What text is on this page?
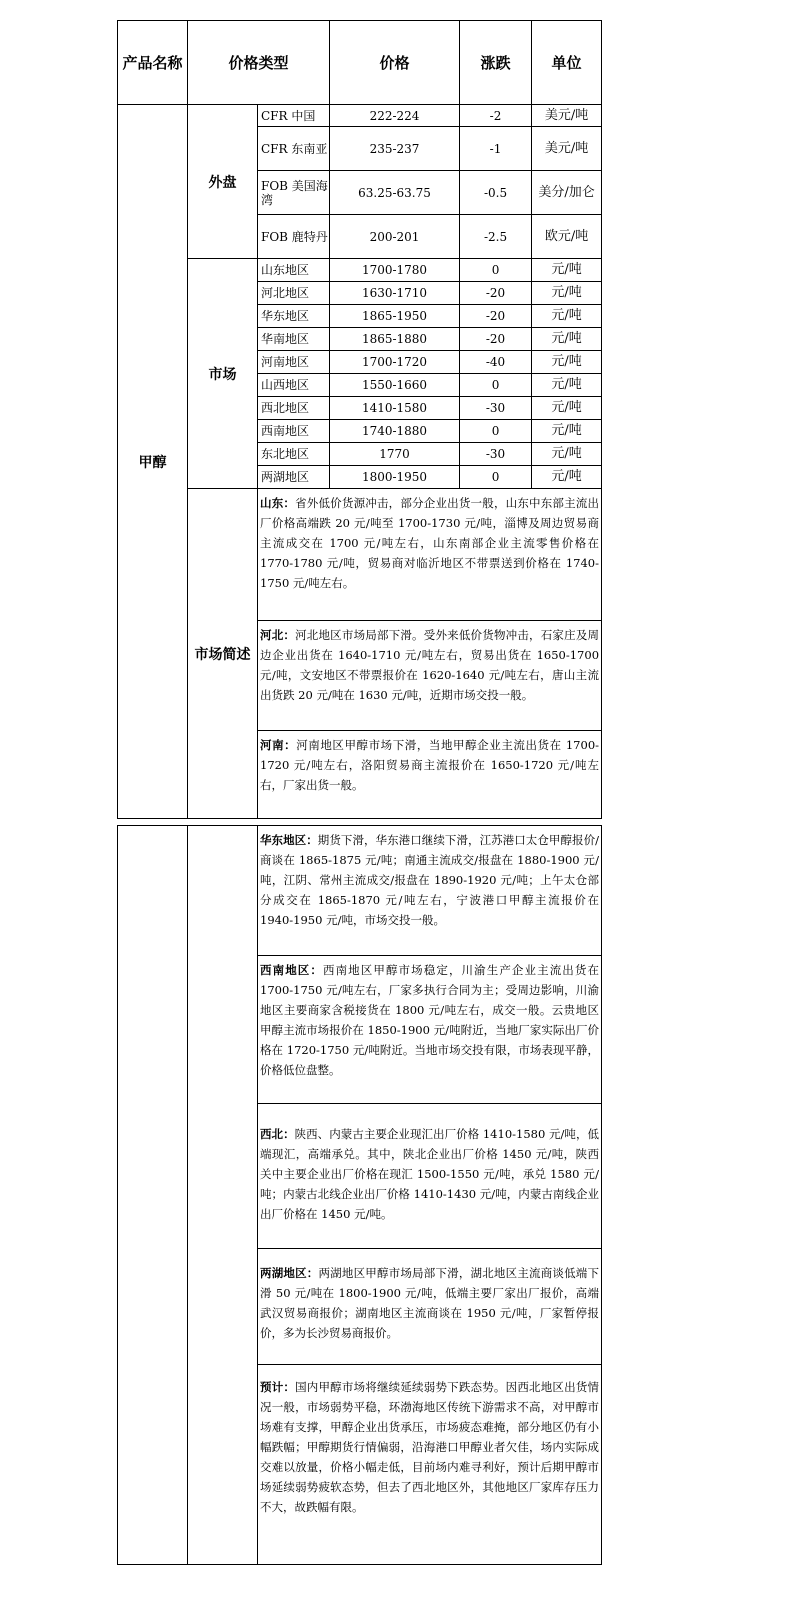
产品名称	价格类型		价格	涨跌	单位
甲醇	外盘	CFR 中国	222-224	-2	美元/吨
		CFR 东南亚	235-237	-1	美元/吨
		FOB 美国海湾	63.25-63.75	-0.5	美分/加仑
		FOB 鹿特丹	200-201	-2.5	欧元/吨
	市场	山东地区	1700-1780	0	元/吨
		河北地区	1630-1710	-20	元/吨
		华东地区	1865-1950	-20	元/吨
		华南地区	1865-1880	-20	元/吨
		河南地区	1700-1720	-40	元/吨
		山西地区	1550-1660	0	元/吨
		西北地区	1410-1580	-30	元/吨
		西南地区	1740-1880	0	元/吨
		东北地区	1770	-30	元/吨
		两湖地区	1800-1950	0	元/吨
	市场简述	山东：省外低价货源冲击，部分企业出货一般，山东中东部主流出厂价格高端跌 20 元/吨至 1700-1730 元/吨，淄博及周边贸易商主流成交在 1700 元/吨左右，山东南部企业主流零售价格在 1770-1780 元/吨，贸易商对临沂地区不带票送到价格在 1740-1750 元/吨左右。			
		河北：河北地区市场局部下滑。受外来低价货物冲击，石家庄及周边企业出货在 1640-1710 元/吨左右，贸易出货在 1650-1700 元/吨，文安地区不带票报价在 1620-1640 元/吨左右，唐山主流出货跌 20 元/吨在 1630 元/吨，近期市场交投一般。			
		河南：河南地区甲醇市场下滑，当地甲醇企业主流出货在 1700-1720 元/吨左右，洛阳贸易商主流报价在 1650-1720 元/吨左右，厂家出货一般。			
		华东地区：期货下滑，华东港口继续下滑，江苏港口太仓甲醇报价/商谈在 1865-1875 元/吨；南通主流成交/报盘在 1880-1900 元/吨，江阴、常州主流成交/报盘在 1890-1920 元/吨；上午太仓部分成交在 1865-1870 元/吨左右，宁波港口甲醇主流报价在 1940-1950 元/吨，市场交投一般。
西南地区：西南地区甲醇市场稳定，川渝生产企业主流出货在 1700-1750 元/吨左右，厂家多执行合同为主；受周边影响，川渝地区主要商家含税接货在 1800 元/吨左右，成交一般。云贵地区甲醇主流市场报价在 1850-1900 元/吨附近，当地厂家实际出厂价格在 1720-1750 元/吨附近。当地市场交投有限，市场表现平静，价格低位盘整。
西北：陕西、内蒙古主要企业现汇出厂价格 1410-1580 元/吨，低端现汇，高端承兑。其中，陕北企业出厂价格 1450 元/吨，陕西关中主要企业出厂价格在现汇 1500-1550 元/吨，承兑 1580 元/吨；内蒙古北线企业出厂价格 1410-1430 元/吨，内蒙古南线企业出厂价格在 1450 元/吨。
两湖地区：两湖地区甲醇市场局部下滑，湖北地区主流商谈低端下滑 50 元/吨在 1800-1900 元/吨，低端主要厂家出厂报价，高端武汉贸易商报价；湖南地区主流商谈在 1950 元/吨，厂家暂停报价，多为长沙贸易商报价。
预计：国内甲醇市场将继续延续弱势下跌态势。因西北地区出货情况一般，市场弱势平稳，环渤海地区传统下游需求不高，对甲醇市场难有支撑，甲醇企业出货承压，市场疲态难掩，部分地区仍有小幅跌幅；甲醇期货行情偏弱，沿海港口甲醇业者欠佳，场内实际成交难以放量，价格小幅走低，目前场内难寻利好，预计后期甲醇市场延续弱势疲软态势，但去了西北地区外，其他地区厂家库存压力不大，故跌幅有限。
